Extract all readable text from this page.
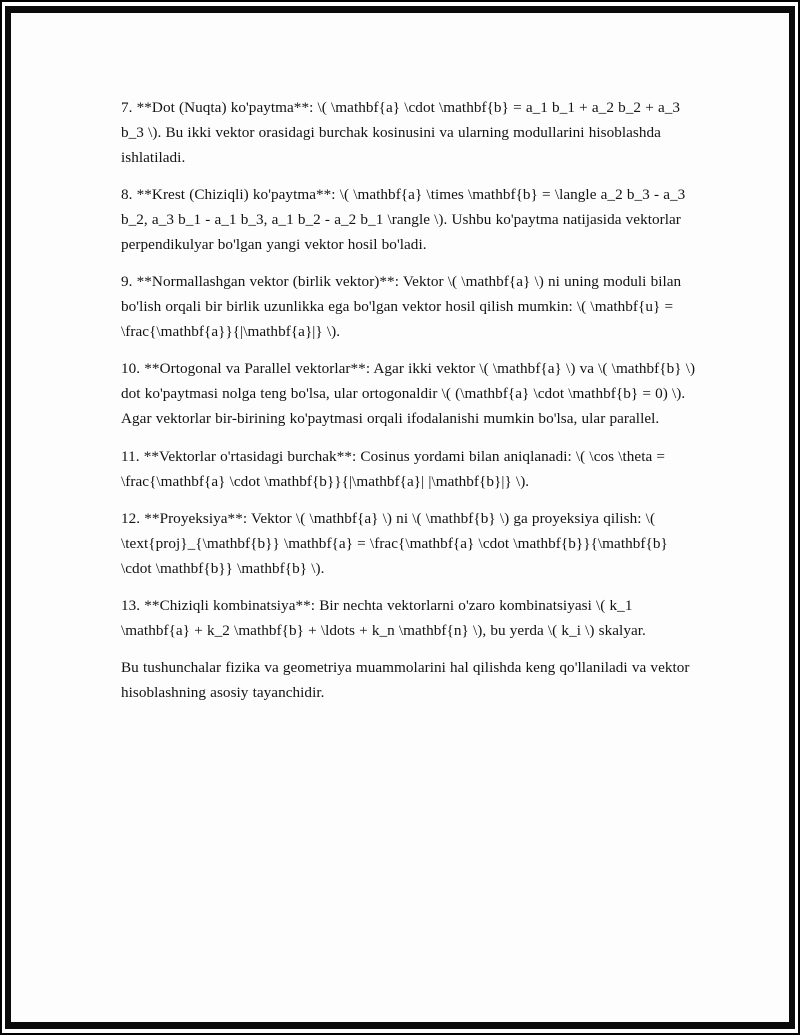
7. **Dot (Nuqta) ko'paytma**: \( \mathbf{a} \cdot \mathbf{b} = a_1 b_1 + a_2 b_2 + a_3 b_3 \). Bu ikki vektor orasidagi burchak kosinusini va ularning modullarini hisoblashda ishlatiladi.

8. **Krest (Chiziqli) ko'paytma**: \( \mathbf{a} \times \mathbf{b} = \langle a_2 b_3 - a_3 b_2, a_3 b_1 - a_1 b_3, a_1 b_2 - a_2 b_1 \rangle \). Ushbu ko'paytma natijasida vektorlar perpendikulyar bo'lgan yangi vektor hosil bo'ladi.

9. **Normallashgan vektor (birlik vektor)**: Vektor \( \mathbf{a} \) ni uning moduli bilan bo'lish orqali bir birlik uzunlikka ega bo'lgan vektor hosil qilish mumkin: \( \mathbf{u} = \frac{\mathbf{a}}{|\mathbf{a}|} \).

10. **Ortogonal va Parallel vektorlar**: Agar ikki vektor \( \mathbf{a} \) va \( \mathbf{b} \) dot ko'paytmasi nolga teng bo'lsa, ular ortogonaldir \( (\mathbf{a} \cdot \mathbf{b} = 0) \). Agar vektorlar bir-birining ko'paytmasi orqali ifodalanishi mumkin bo'lsa, ular parallel.

11. **Vektorlar o'rtasidagi burchak**: Cosinus yordami bilan aniqlanadi: \( \cos \theta = \frac{\mathbf{a} \cdot \mathbf{b}}{|\mathbf{a}| |\mathbf{b}|} \).

12. **Proyeksiya**: Vektor \( \mathbf{a} \) ni \( \mathbf{b} \) ga proyeksiya qilish: \( \text{proj}_{\mathbf{b}} \mathbf{a} = \frac{\mathbf{a} \cdot \mathbf{b}}{\mathbf{b} \cdot \mathbf{b}} \mathbf{b} \).

13. **Chiziqli kombinatsiya**: Bir nechta vektorlarni o'zaro kombinatsiyasi \( k_1 \mathbf{a} + k_2 \mathbf{b} + \ldots + k_n \mathbf{n} \), bu yerda \( k_i \) skalyar.

Bu tushunchalar fizika va geometriya muammolarini hal qilishda keng qo'llaniladi va vektor hisoblashning asosiy tayanchidir.
